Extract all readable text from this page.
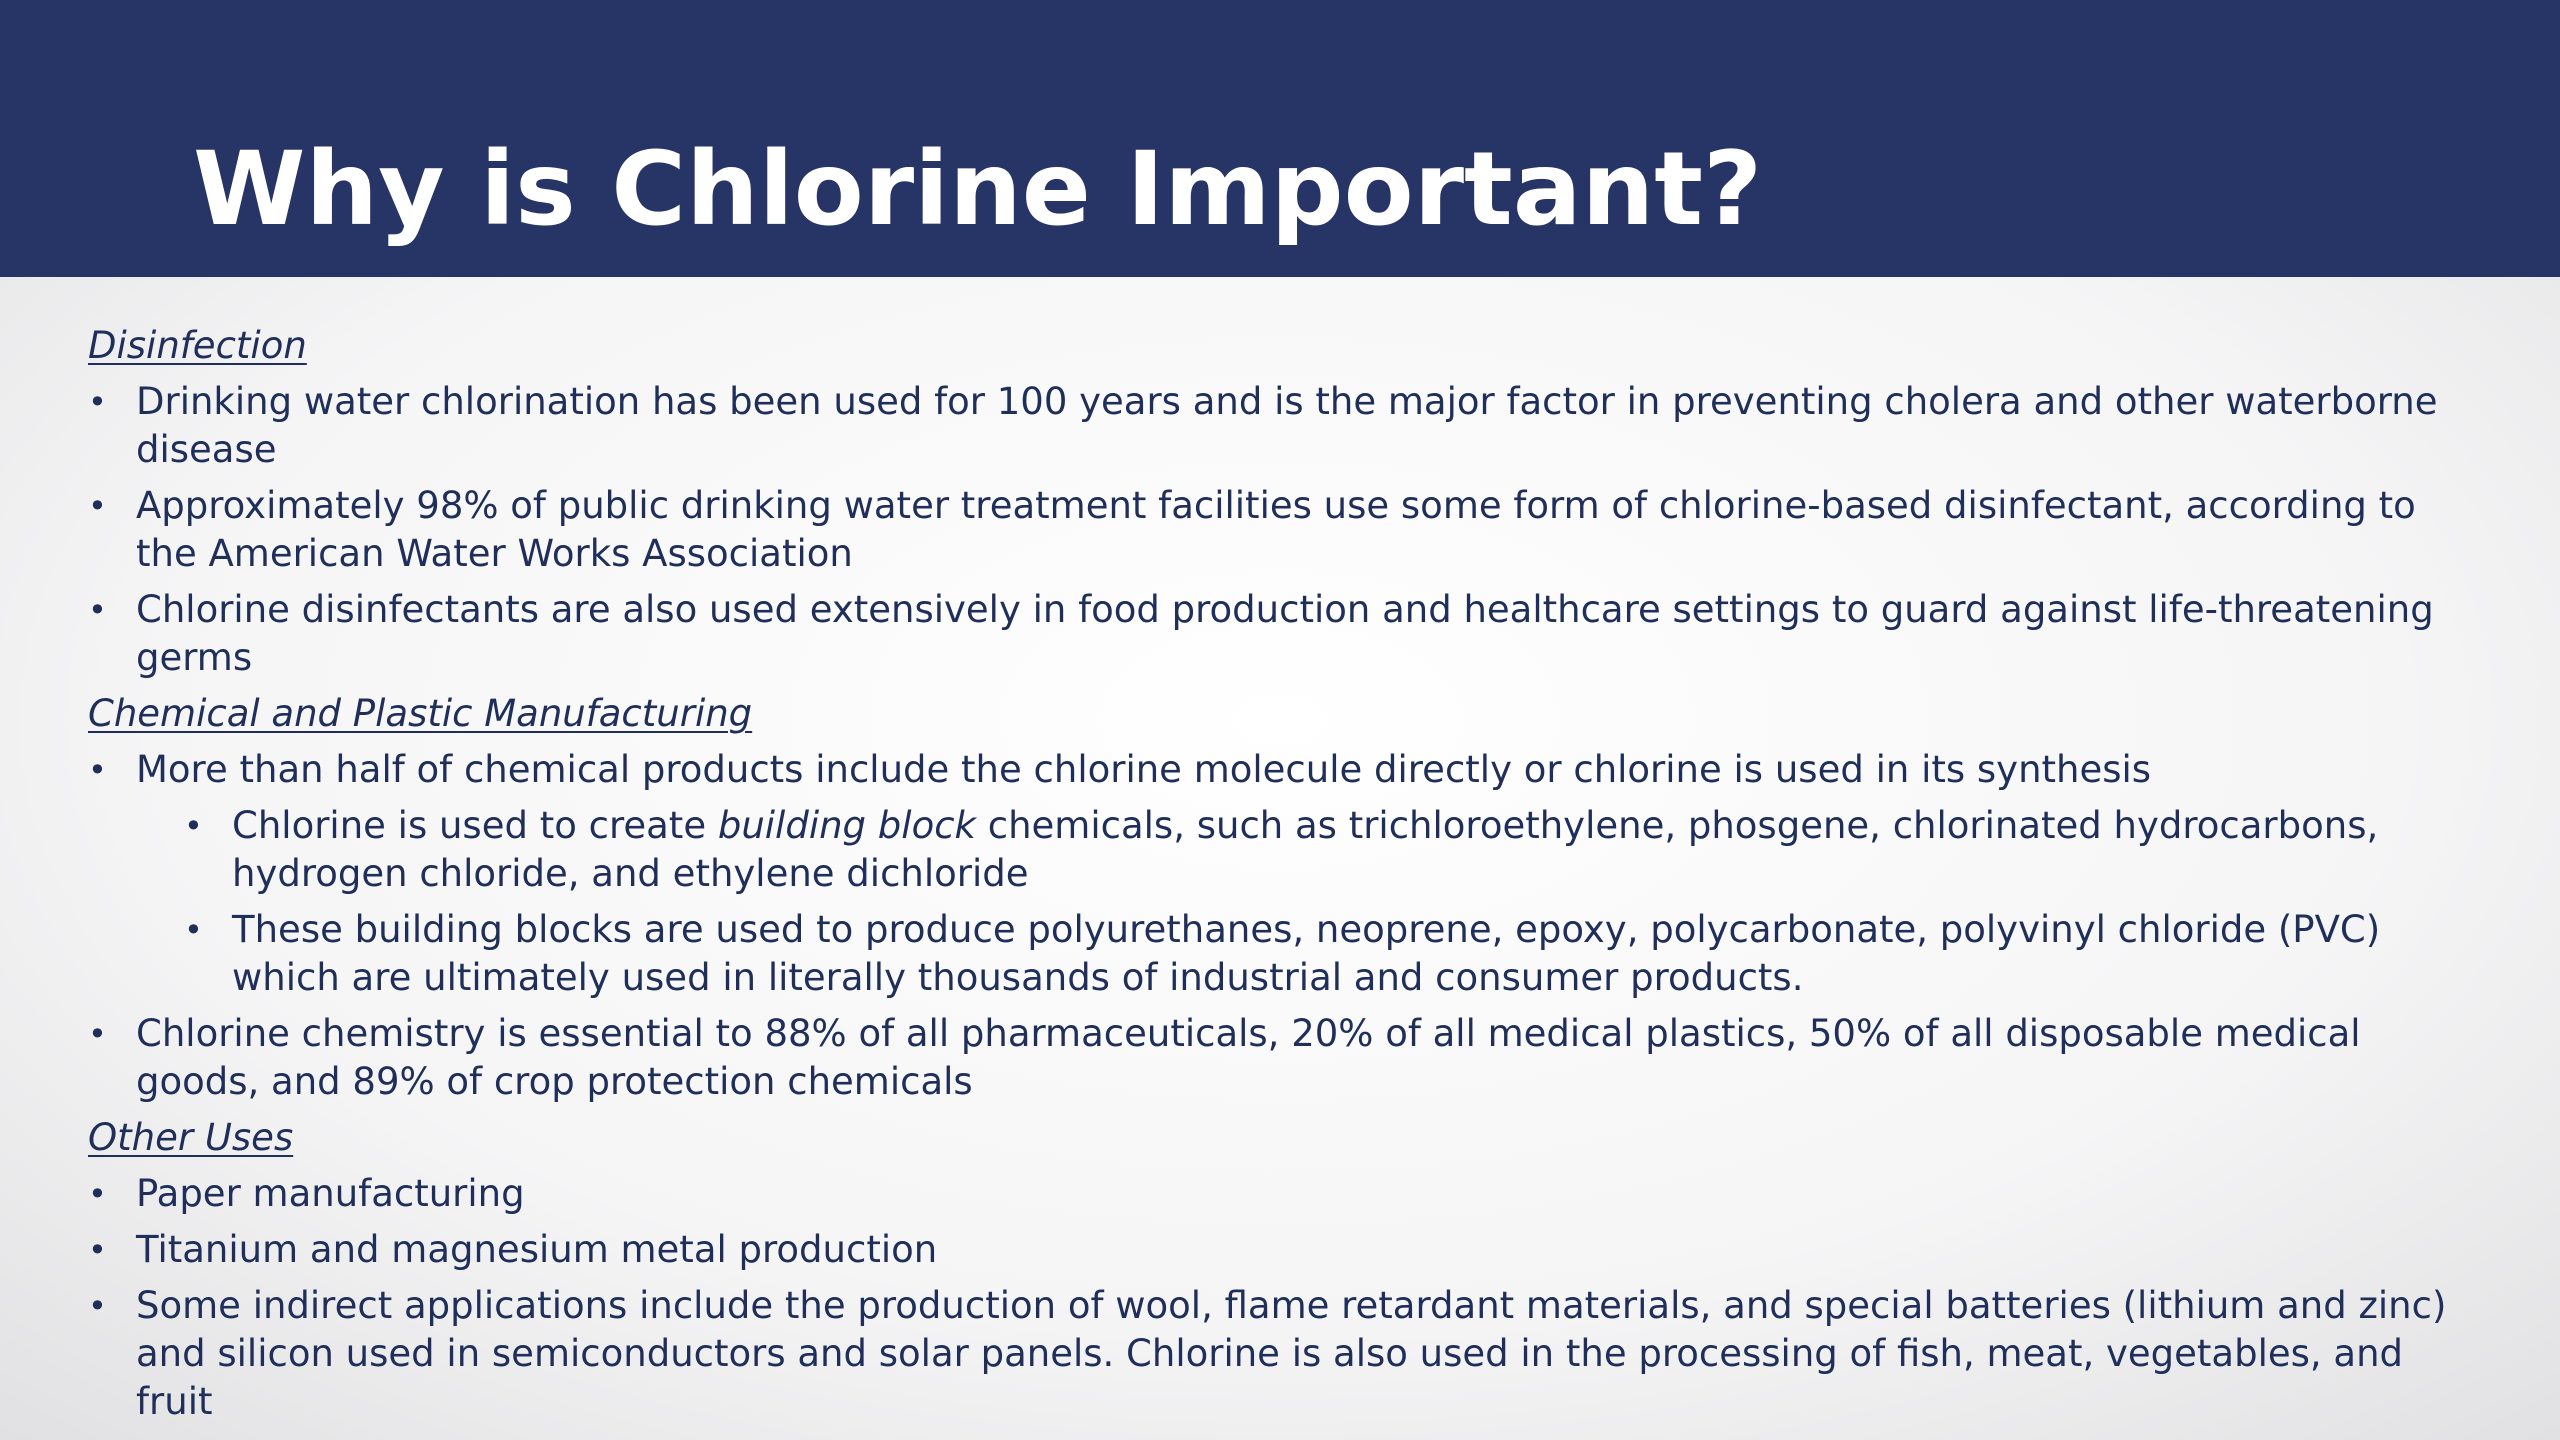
Why is Chlorine Important?
Disinfection
• Drinking water chlorination has been used for 100 years and is the major factor in preventing cholera and other waterborne disease
• Approximately 98% of public drinking water treatment facilities use some form of chlorine-based disinfectant, according to the American Water Works Association
• Chlorine disinfectants are also used extensively in food production and healthcare settings to guard against life-threatening germs
Chemical and Plastic Manufacturing
• More than half of chemical products include the chlorine molecule directly or chlorine is used in its synthesis
• Chlorine is used to create building block chemicals, such as trichloroethylene, phosgene, chlorinated hydrocarbons, hydrogen chloride, and ethylene dichloride
• These building blocks are used to produce polyurethanes, neoprene, epoxy, polycarbonate, polyvinyl chloride (PVC) which are ultimately used in literally thousands of industrial and consumer products.
• Chlorine chemistry is essential to 88% of all pharmaceuticals, 20% of all medical plastics, 50% of all disposable medical goods, and 89% of crop protection chemicals
Other Uses
• Paper manufacturing
• Titanium and magnesium metal production
• Some indirect applications include the production of wool, flame retardant materials, and special batteries (lithium and zinc) and silicon used in semiconductors and solar panels. Chlorine is also used in the processing of fish, meat, vegetables, and fruit
